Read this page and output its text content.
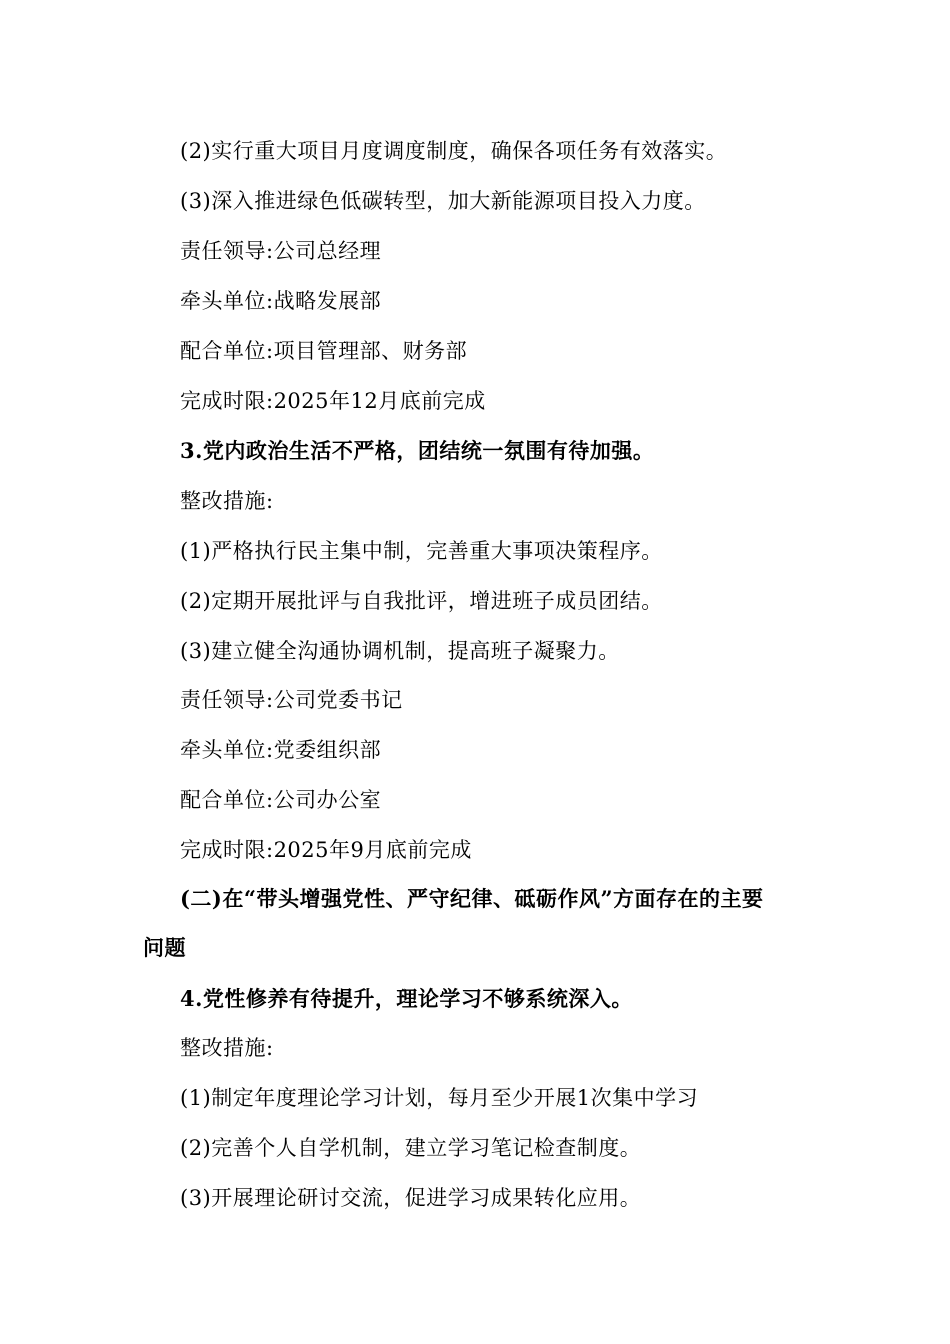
(2)实行重大项目月度调度制度，确保各项任务有效落实。
(3)深入推进绿色低碳转型，加大新能源项目投入力度。
责任领导:公司总经理
牵头单位:战略发展部
配合单位:项目管理部、财务部
完成时限:2025年12月底前完成
3.党内政治生活不严格，团结统一氛围有待加强。
整改措施:
(1)严格执行民主集中制，完善重大事项决策程序。
(2)定期开展批评与自我批评，增进班子成员团结。
(3)建立健全沟通协调机制，提高班子凝聚力。
责任领导:公司党委书记
牵头单位:党委组织部
配合单位:公司办公室
完成时限:2025年9月底前完成
(二)在“带头增强党性、严守纪律、砥砺作风”方面存在的主要
问题
4.党性修养有待提升，理论学习不够系统深入。
整改措施:
(1)制定年度理论学习计划，每月至少开展1次集中学习
(2)完善个人自学机制，建立学习笔记检查制度。
(3)开展理论研讨交流，促进学习成果转化应用。
